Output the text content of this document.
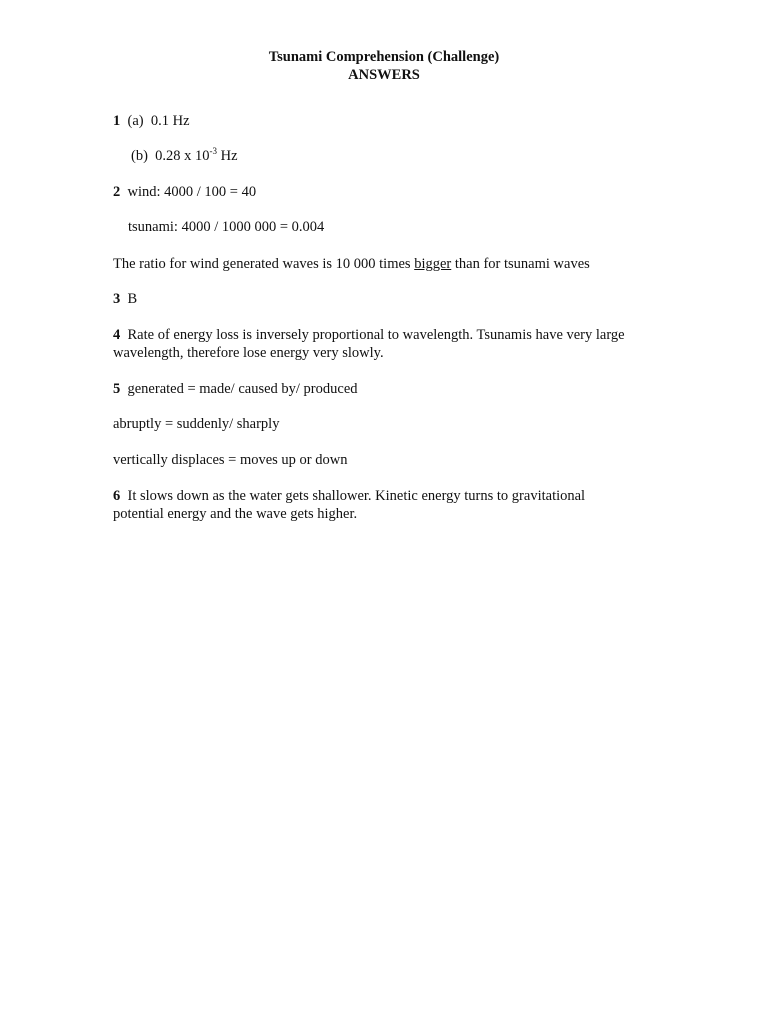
Tsunami Comprehension (Challenge)
ANSWERS
1 (a) 0.1 Hz
(b) 0.28 x $10^{-3}$ Hz
2 wind: 4000 / 100 = 40
tsunami: 4000 / 1000 000 = 0.004
The ratio for wind generated waves is 10 000 times bigger than for tsunami waves
3 B
4 Rate of energy loss is inversely proportional to wavelength. Tsunamis have very large
wavelength, therefore lose energy very slowly.
5 generated = made/ caused by/ produced
abruptly = suddenly/ sharply
vertically displaces = moves up or down
6 It slows down as the water gets shallower. Kinetic energy turns to gravitational
potential energy and the wave gets higher.
